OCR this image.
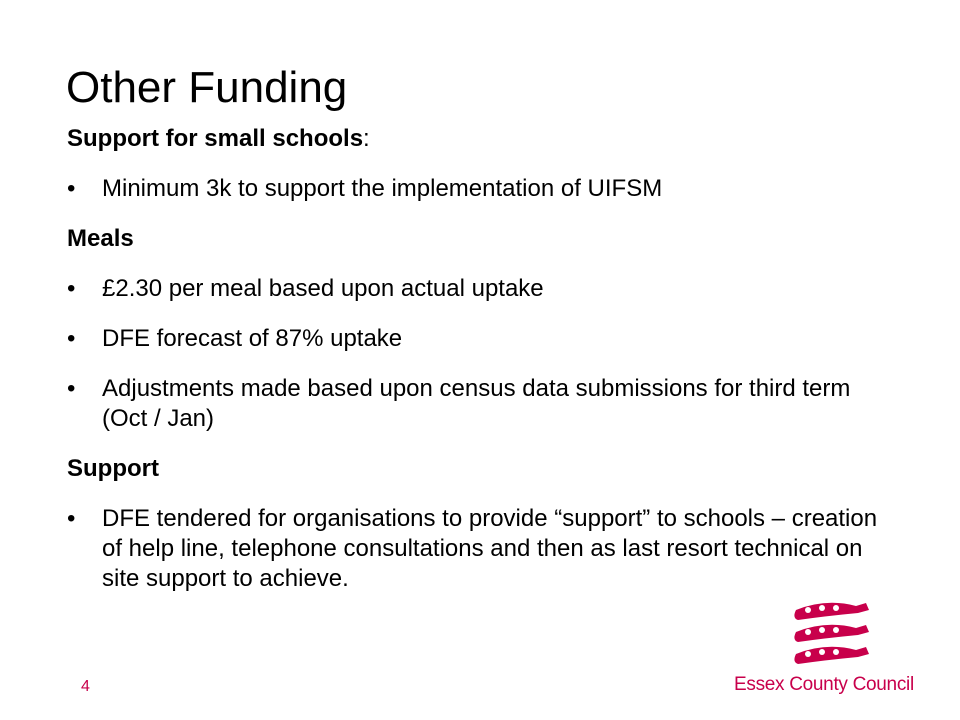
Other Funding
Support for small schools:
•	Minimum 3k to support the implementation of UIFSM
Meals
•	£2.30 per meal based upon actual uptake
•	DFE forecast of 87% uptake
•	Adjustments made based upon census data submissions for third term (Oct / Jan)
Support
•	DFE tendered for organisations to provide “support” to schools – creation of help line, telephone consultations and then as last resort technical on site support to achieve.
4	Essex County Council
